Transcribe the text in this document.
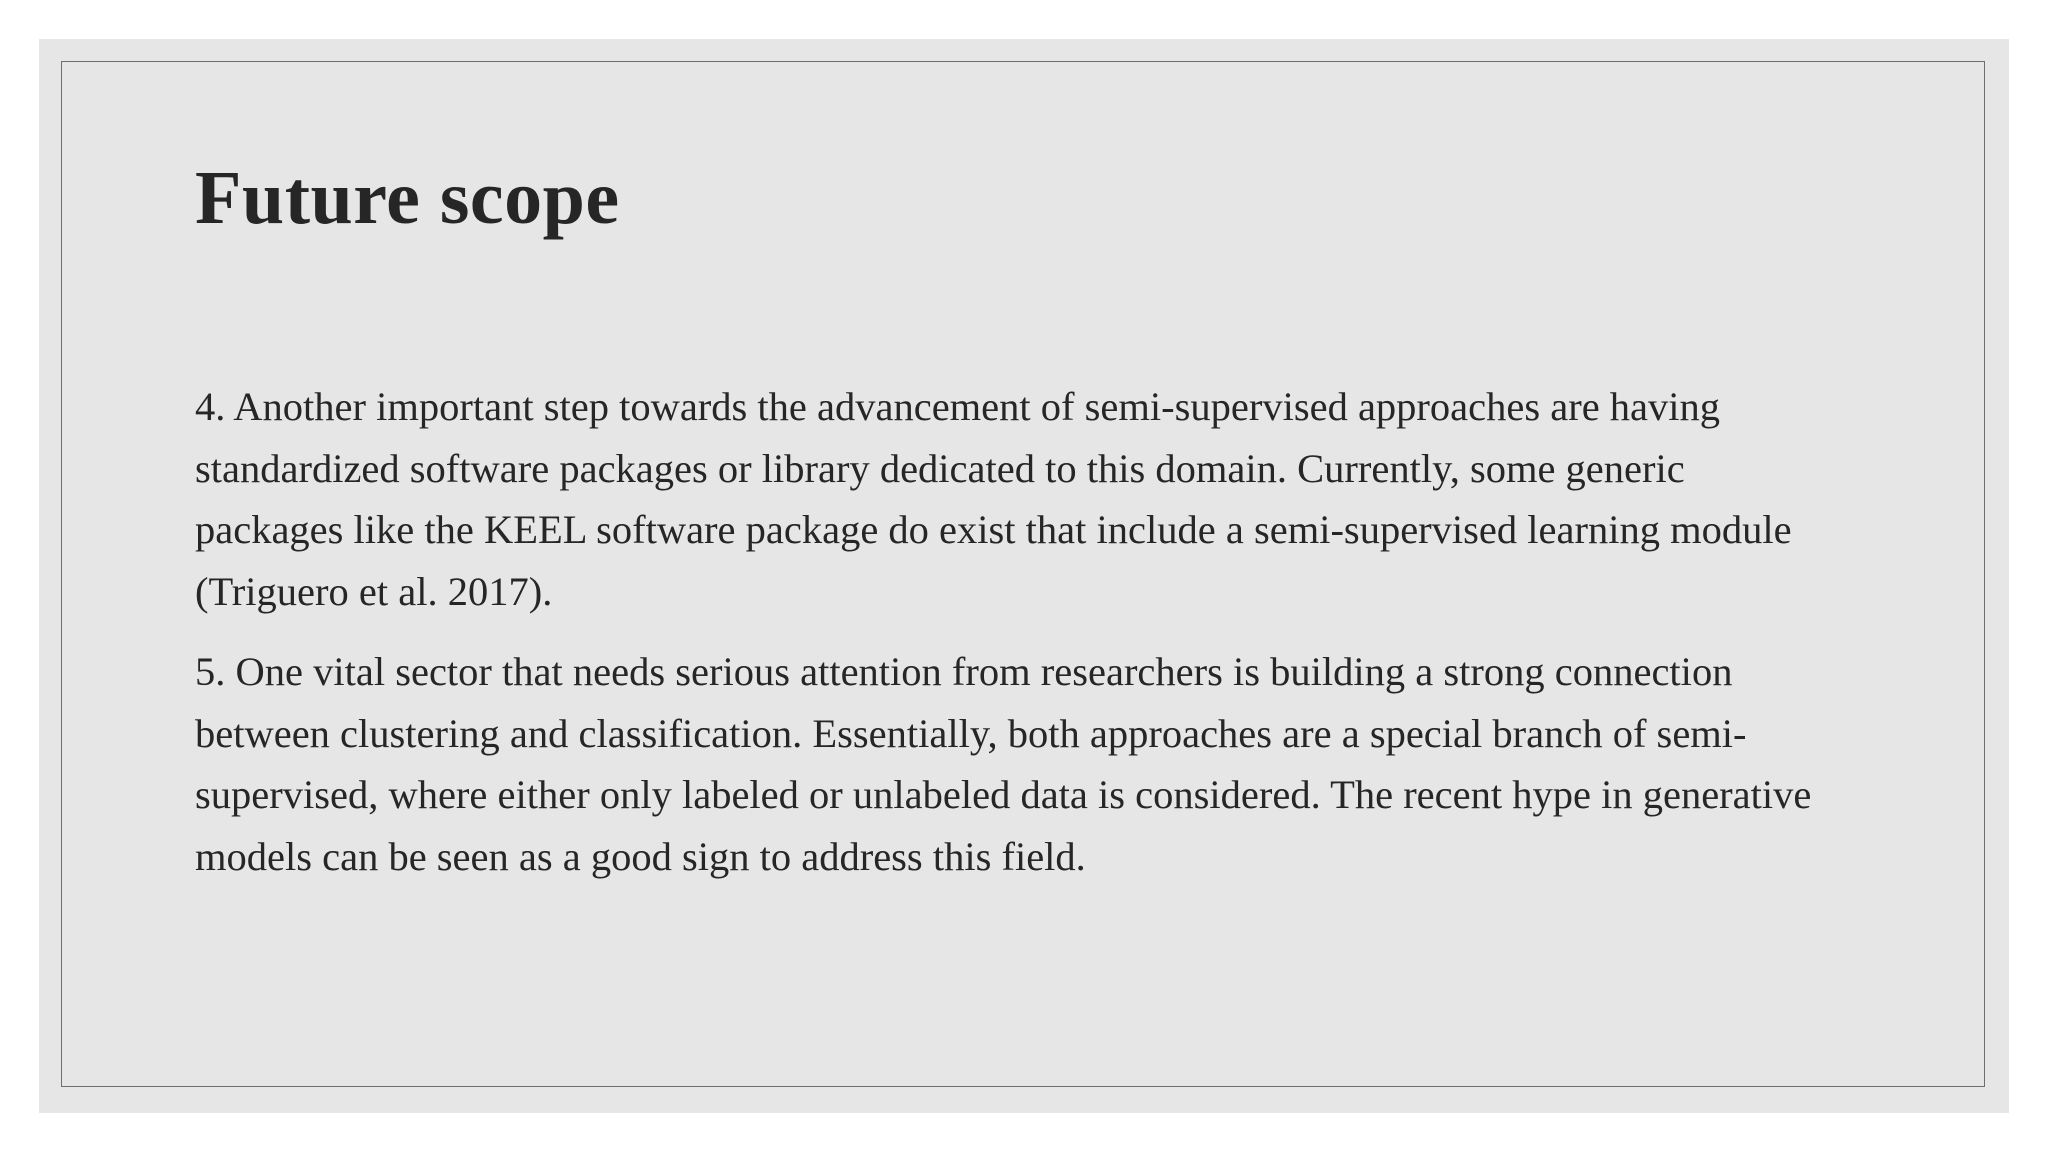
Future scope

4. Another important step towards the advancement of semi-supervised approaches are having
standardized software packages or library dedicated to this domain. Currently, some generic
packages like the KEEL software package do exist that include a semi-supervised learning module
(Triguero et al. 2017).

5. One vital sector that needs serious attention from researchers is building a strong connection
between clustering and classification. Essentially, both approaches are a special branch of semi-
supervised, where either only labeled or unlabeled data is considered. The recent hype in generative
models can be seen as a good sign to address this field.
